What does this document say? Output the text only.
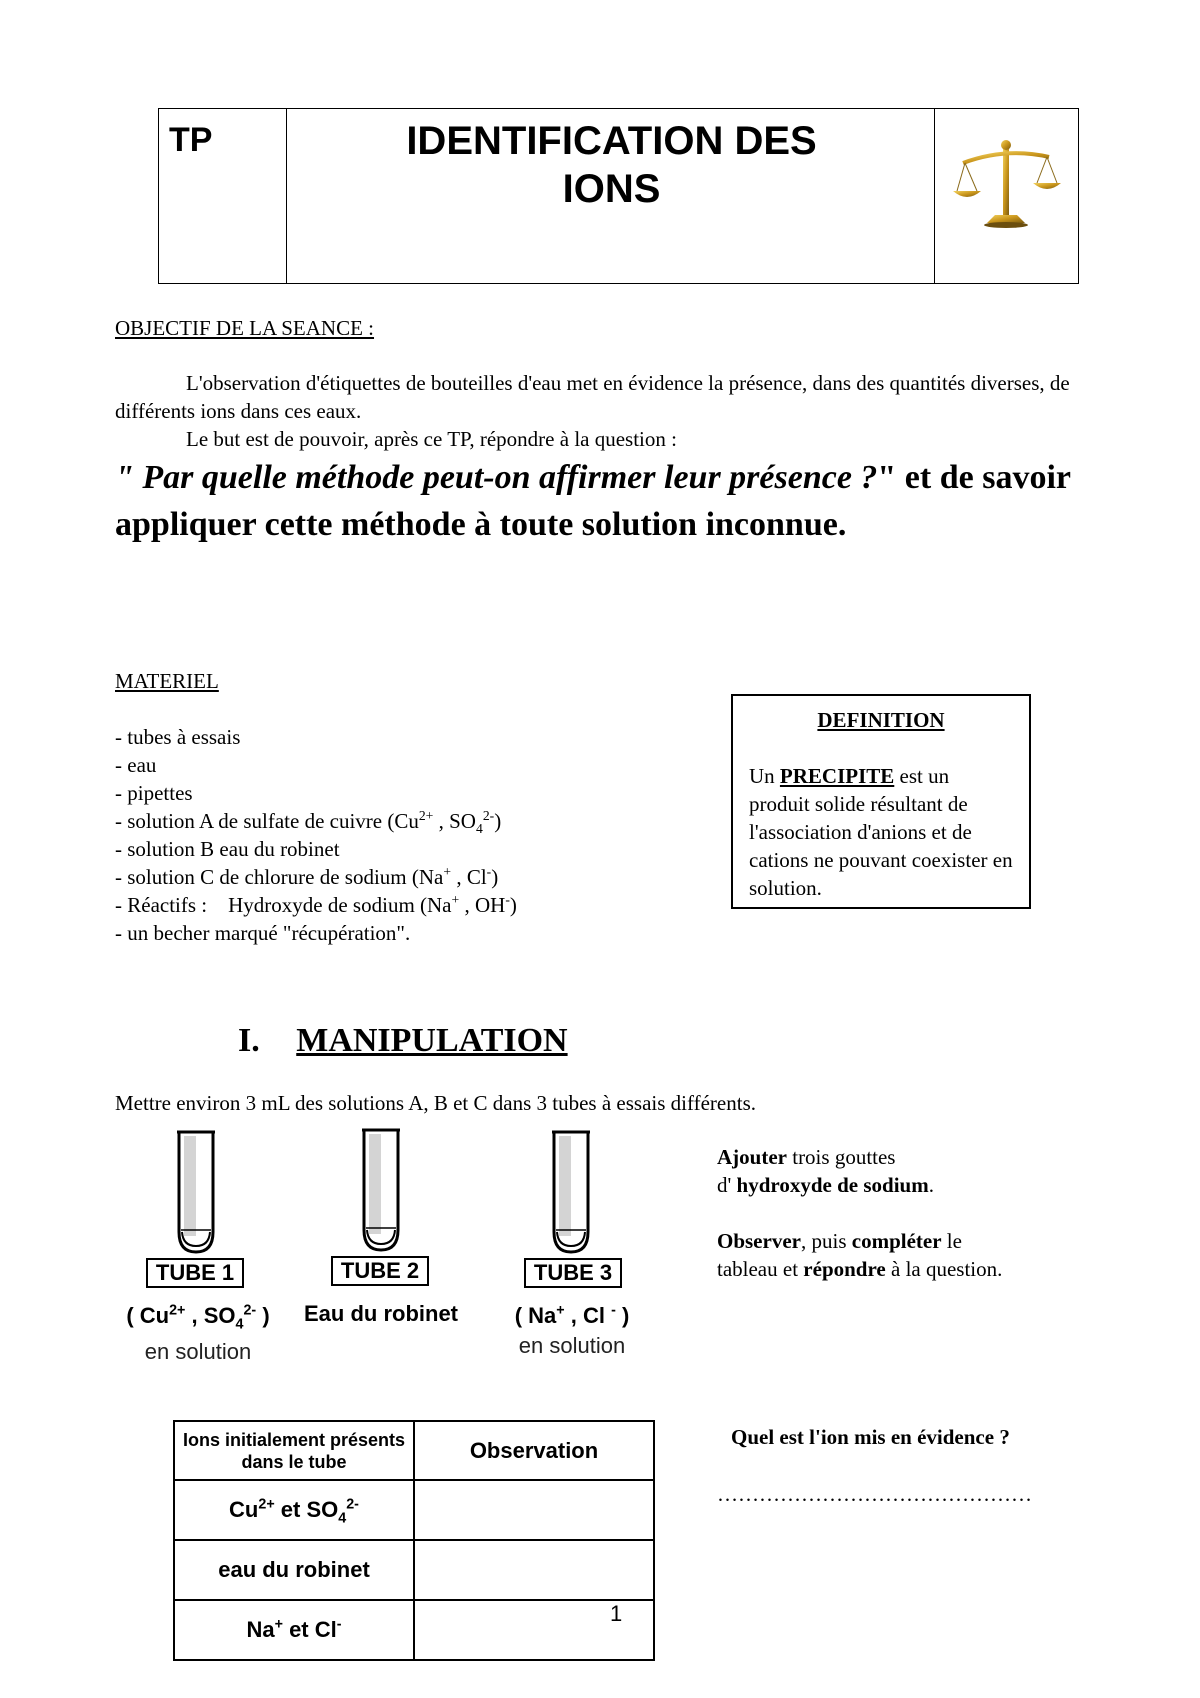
TP	IDENTIFICATION DES
IONS
OBJECTIF DE LA SEANCE :
L'observation d'étiquettes de bouteilles d'eau met en évidence la présence, dans des quantités diverses, de différents ions dans ces eaux.
Le but est de pouvoir, après ce TP, répondre à la question :
" Par quelle méthode peut-on affirmer leur présence ?" et de savoir appliquer cette méthode à toute solution inconnue.
MATERIEL
- tubes à essais
- eau
- pipettes
- solution A de sulfate de cuivre ($Cu^{2+}$ , $SO_4^{2-}$)
- solution B eau du robinet
- solution C de chlorure de sodium (Na+ , Cl-)
- Réactifs :    Hydroxyde de sodium (Na+ , OH-)
- un becher marqué "récupération".
DEFINITION
Un PRECIPITE est un produit solide résultant de l'association d'anions et de cations ne pouvant coexister en solution.
I. MANIPULATION
Mettre environ 3 mL des solutions A, B et C dans 3 tubes à essais différents.
TUBE 1
( $Cu^{2+}$ , $SO_4^{2-}$ )
en solution
TUBE 2
Eau du robinet
TUBE 3
( Na+ , Cl - )
en solution
Ajouter trois gouttes
d' hydroxyde de sodium.
Observer, puis compléter le
tableau et répondre à la question.
Ions initialement présents dans le tube	Observation
$Cu^{2+}$ et $SO_4^{2-}$	
eau du robinet	
Na+ et Cl-	
Quel est l'ion mis en évidence ?
………………………………………
1
